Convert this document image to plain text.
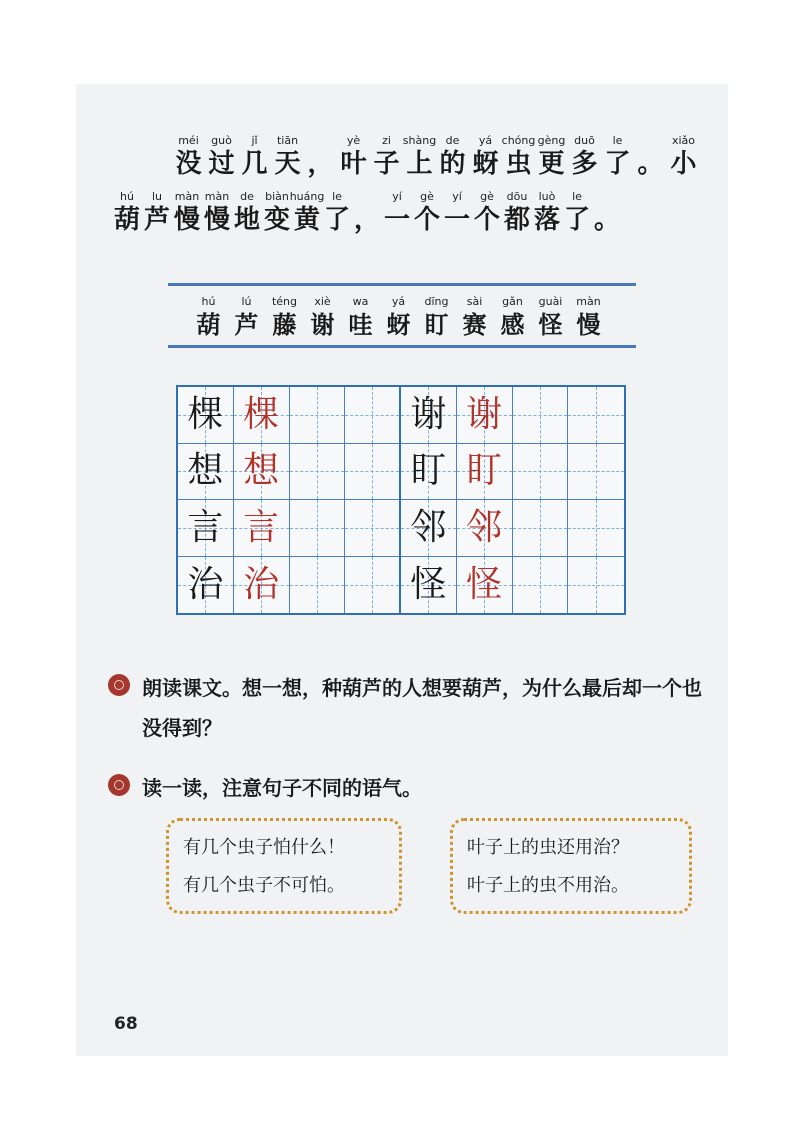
méi
没
guò
过
jǐ
几
tiān
天 ，
yè
叶
zi
子
shàng
上
de
的
yá
蚜
chóng
虫
gèng
更
duō
多
le
了 。
xiǎo
小
hú
葫
lu
芦
màn
慢
màn
慢
de
地
biàn
变
huáng
黄
le
了 ，
yí
一
gè
个
yí
一
gè
个
dōu
都
luò
落
le
了 。
hú
葫
lú
芦
téng
藤
xiè
谢
wa
哇
yá
蚜
dīng
盯
sài
赛
gǎn
感
guài
怪
màn
慢
棵 棵	谢 谢
想 想	盯 盯
言 言	邻 邻
治 治	怪 怪
朗读课文。想一想，种葫芦的人想要葫芦，为什么最后却一个也没得到？
读一读，注意句子不同的语气。
有几个虫子怕什么！
有几个虫子不可怕。
叶子上的虫还用治？
叶子上的虫不用治。
68
